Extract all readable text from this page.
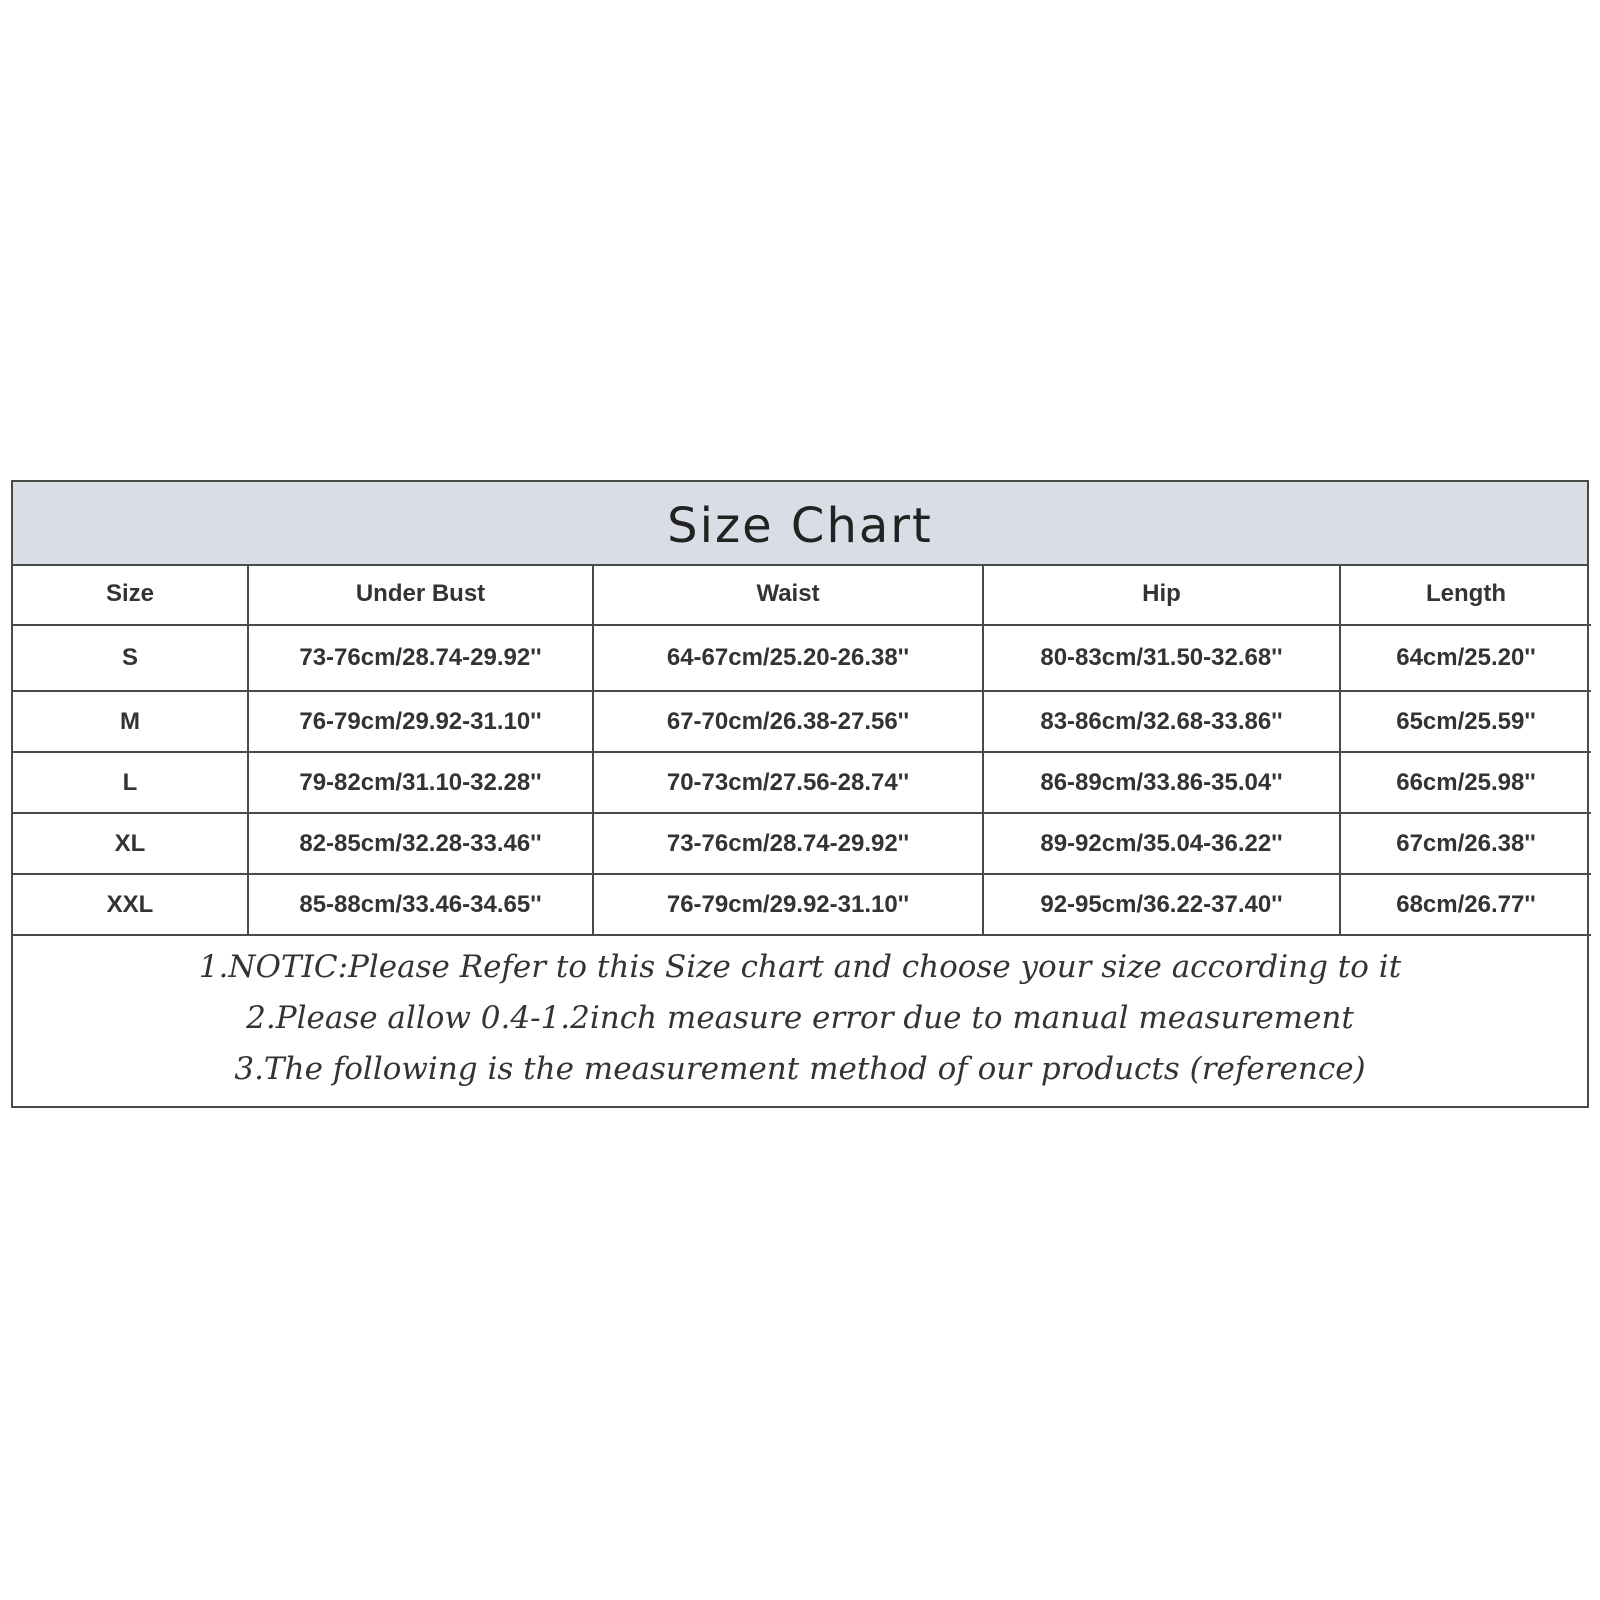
Size Chart
Size	Under Bust	Waist	Hip	Length
S	73-76cm/28.74-29.92''	64-67cm/25.20-26.38''	80-83cm/31.50-32.68''	64cm/25.20''
M	76-79cm/29.92-31.10''	67-70cm/26.38-27.56''	83-86cm/32.68-33.86''	65cm/25.59''
L	79-82cm/31.10-32.28''	70-73cm/27.56-28.74''	86-89cm/33.86-35.04''	66cm/25.98''
XL	82-85cm/32.28-33.46''	73-76cm/28.74-29.92''	89-92cm/35.04-36.22''	67cm/26.38''
XXL	85-88cm/33.46-34.65''	76-79cm/29.92-31.10''	92-95cm/36.22-37.40''	68cm/26.77''
1.NOTIC:Please Refer to this Size chart and choose your size according to it
2.Please allow 0.4-1.2inch measure error due to manual measurement
3.The following is the measurement method of our products (reference)
